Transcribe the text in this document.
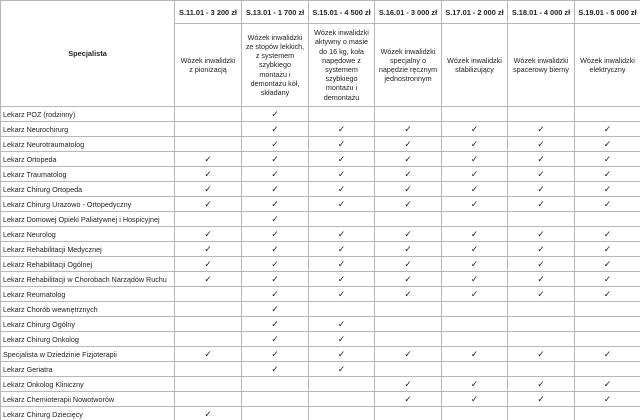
Specjalista	S.11.01 - 3 200 zł	S.13.01 - 1 700 zł	S.15.01 - 4 500 zł	S.16.01 - 3 000 zł	S.17.01 - 2 000 zł	S.18.01 - 4 000 zł	S.19.01 - 5 000 zł
	Wózek inwalidzki z pionizacją	Wózek inwalidzki ze stopów lekkich, z systemem szybkiego montażu i demontażu kół, składany	Wózek inwalidzki aktywny o masie do 16 kg, koła napędowe z systemem szybkiego montażu i demontażu	Wózek inwalidzki specjalny o napędzie ręcznym jednostronnym	Wózek inwalidzki stabilizujący	Wózek inwalidzki spacerowy bierny	Wózek inwalidzki elektryczny
Lekarz POZ (rodzinny)		✓					
Lekarz Neurochirurg		✓	✓	✓	✓	✓	✓
Lekarz Neurotraumatolog		✓	✓	✓	✓	✓	✓
Lekarz Ortopeda	✓	✓	✓	✓	✓	✓	✓
Lekarz Traumatolog	✓	✓	✓	✓	✓	✓	✓
Lekarz Chirurg Ortopeda	✓	✓	✓	✓	✓	✓	✓
Lekarz Chirurg Urazowo - Ortopedyczny	✓	✓	✓	✓	✓	✓	✓
Lekarz Domowej Opieki Paliatywnej i Hospicyjnej		✓					
Lekarz Neurolog	✓	✓	✓	✓	✓	✓	✓
Lekarz Rehabilitacji Medycznej	✓	✓	✓	✓	✓	✓	✓
Lekarz Rehabilitacji Ogólnej	✓	✓	✓	✓	✓	✓	✓
Lekarz Rehabilitacji w Chorobach Narządów Ruchu	✓	✓	✓	✓	✓	✓	✓
Lekarz Reumatolog		✓	✓	✓	✓	✓	✓
Lekarz Chorób wewnętrznych		✓					
Lekarz Chirurg Ogólny		✓	✓				
Lekarz Chirurg Onkolog		✓	✓				
Specjalista w Dziedzinie Fizjoterapii	✓	✓	✓	✓	✓	✓	✓
Lekarz Geriatra		✓	✓				
Lekarz Onkolog Kliniczny				✓	✓	✓	✓
Lekarz Chemioterapii Nowotworów				✓	✓	✓	✓
Lekarz Chirurg Dziecięcy	✓						
